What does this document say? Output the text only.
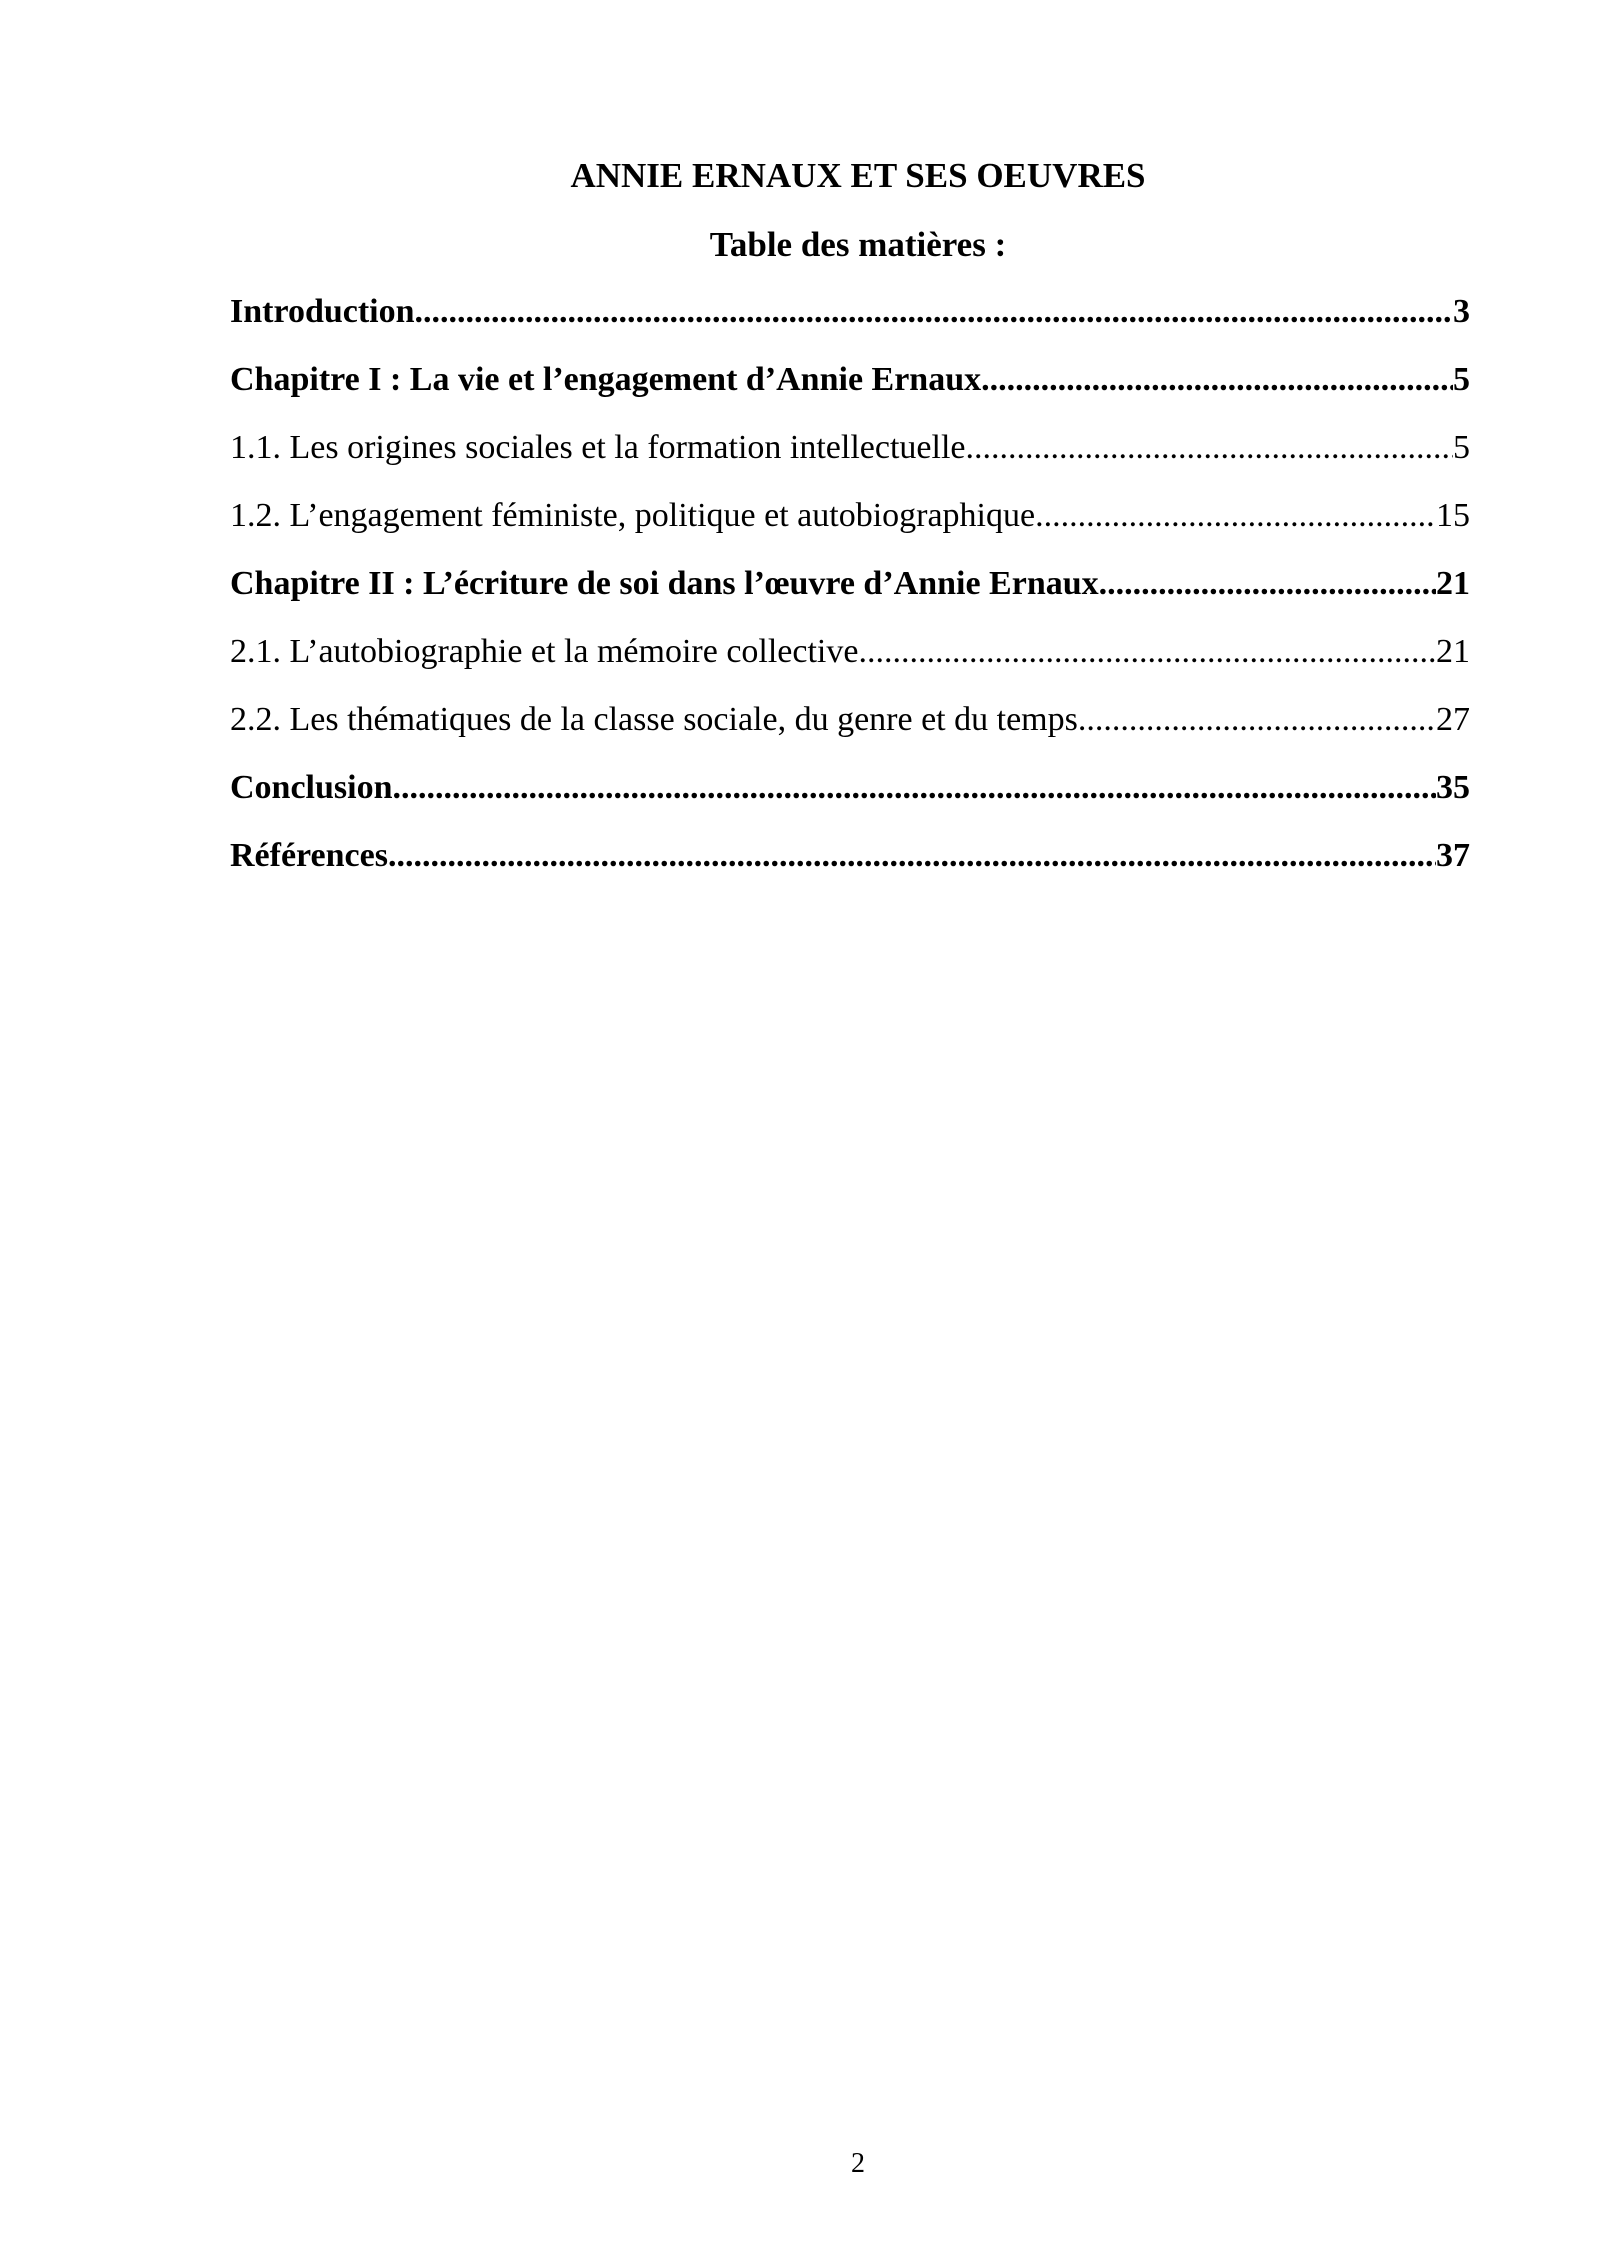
ANNIE ERNAUX ET SES OEUVRES
Table des matières :
Introduction .....	3
Chapitre I : La vie et l’engagement d’Annie Ernaux .....	5
1.1. Les origines sociales et la formation intellectuelle .....	5
1.2. L’engagement féministe, politique et autobiographique .....	15
Chapitre II : L’écriture de soi dans l’œuvre d’Annie Ernaux .....	21
2.1. L’autobiographie et la mémoire collective .....	21
2.2. Les thématiques de la classe sociale, du genre et du temps .....	27
Conclusion .....	35
Références .....	37
2
